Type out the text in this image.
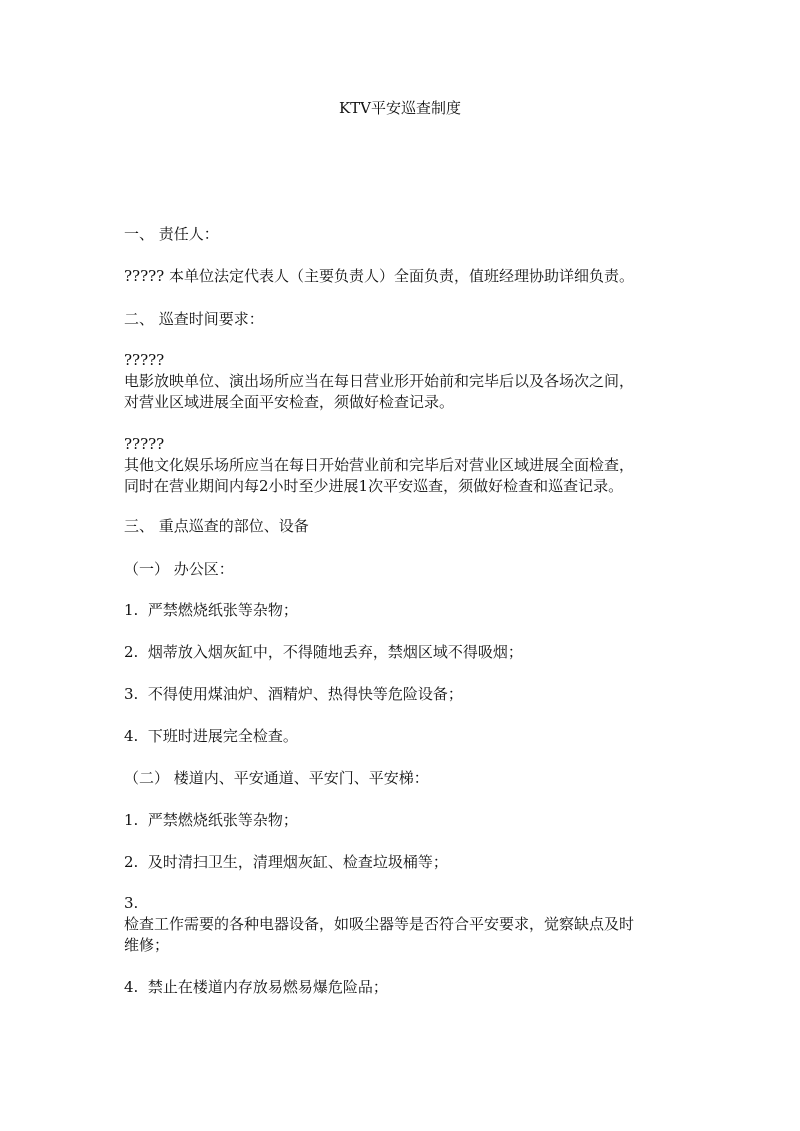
KTV平安巡查制度
一、 责任人：
????? 本单位法定代表人（主要负责人）全面负责，值班经理协助详细负责。
二、 巡查时间要求：
?????
电影放映单位、演出场所应当在每日营业形开始前和完毕后以及各场次之间，
对营业区域进展全面平安检查，须做好检查记录。
?????
其他文化娱乐场所应当在每日开始营业前和完毕后对营业区域进展全面检查，
同时在营业期间内每2小时至少进展1次平安巡查，须做好检查和巡查记录。
三、 重点巡查的部位、设备
（一） 办公区：
1.  严禁燃烧纸张等杂物；
2.  烟蒂放入烟灰缸中，不得随地丢弃，禁烟区域不得吸烟；
3.  不得使用煤油炉、酒精炉、热得快等危险设备；
4.  下班时进展完全检查。
（二） 楼道内、平安通道、平安门、平安梯：
1.  严禁燃烧纸张等杂物；
2.  及时清扫卫生，清理烟灰缸、检查垃圾桶等；
3.
检查工作需要的各种电器设备，如吸尘器等是否符合平安要求，觉察缺点及时
维修；
4.  禁止在楼道内存放易燃易爆危险品；
